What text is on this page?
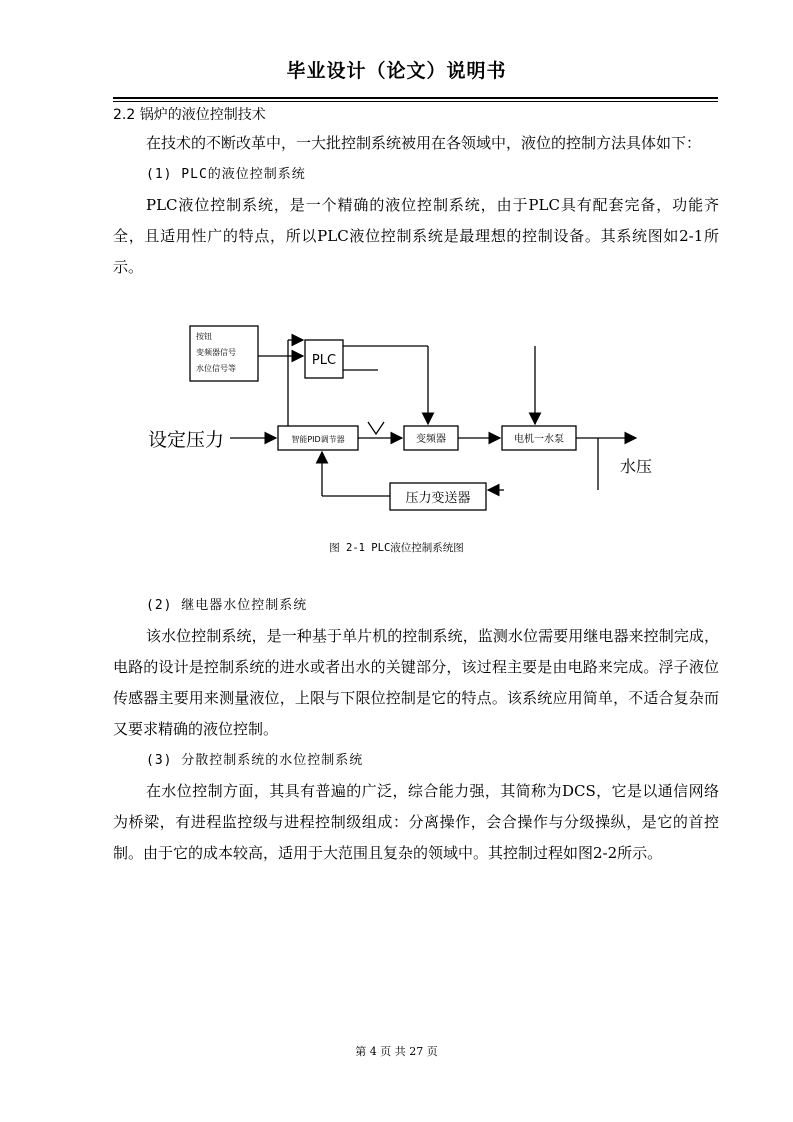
毕业设计（论文）说明书
2.2 锅炉的液位控制技术
在技术的不断改革中，一大批控制系统被用在各领域中，液位的控制方法具体如下：
(1) PLC的液位控制系统
PLC液位控制系统，是一个精确的液位控制系统，由于PLC具有配套完备，功能齐全，且适用性广的特点，所以PLC液位控制系统是最理想的控制设备。其系统图如2-1所示。
按钮
变频器信号
水位信号等
PLC
设定压力	智能PID调节器	变频器	电机一水泵
水压
压力变送器
图 2-1 PLC液位控制系统图
(2) 继电器水位控制系统
该水位控制系统，是一种基于单片机的控制系统，监测水位需要用继电器来控制完成，电路的设计是控制系统的进水或者出水的关键部分，该过程主要是由电路来完成。浮子液位传感器主要用来测量液位，上限与下限位控制是它的特点。该系统应用简单，不适合复杂而又要求精确的液位控制。
(3) 分散控制系统的水位控制系统
在水位控制方面，其具有普遍的广泛，综合能力强，其简称为DCS，它是以通信网络为桥梁，有进程监控级与进程控制级组成：分离操作，会合操作与分级操纵，是它的首控制。由于它的成本较高，适用于大范围且复杂的领域中。其控制过程如图2-2所示。
第 4 页 共 27 页
